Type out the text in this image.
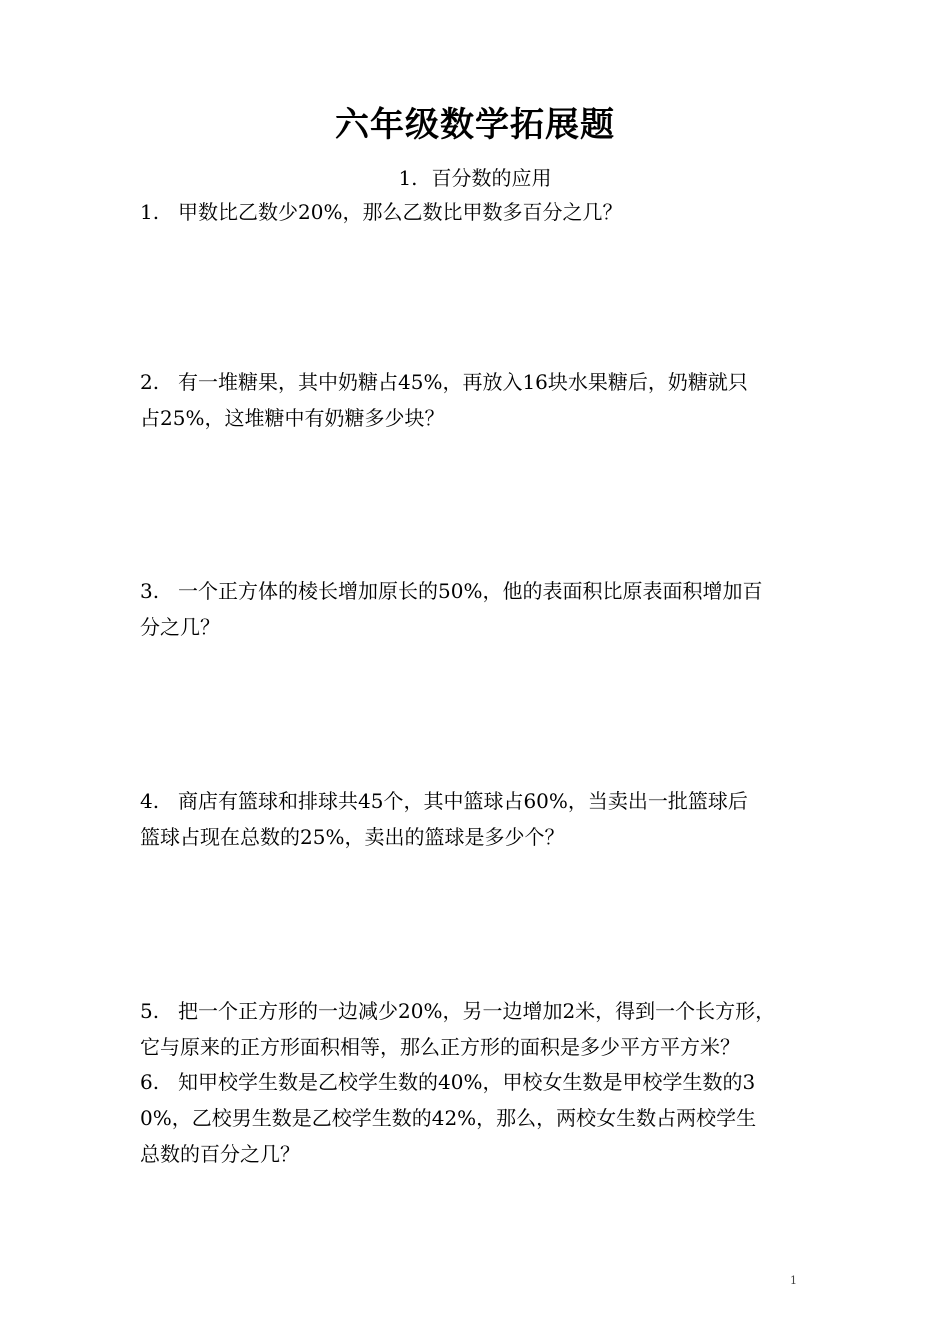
六年级数学拓展题
1. 百分数的应用
1. 甲数比乙数少20%，那么乙数比甲数多百分之几？
2. 有一堆糖果，其中奶糖占45%，再放入16块水果糖后，奶糖就只
占25%，这堆糖中有奶糖多少块？
3. 一个正方体的棱长增加原长的50%，他的表面积比原表面积增加百
分之几？
4. 商店有篮球和排球共45个，其中篮球占60%，当卖出一批篮球后
篮球占现在总数的25%，卖出的篮球是多少个？
5. 把一个正方形的一边减少20%，另一边增加2米，得到一个长方形，
它与原来的正方形面积相等，那么正方形的面积是多少平方平方米？
6. 知甲校学生数是乙校学生数的40%，甲校女生数是甲校学生数的3
0%，乙校男生数是乙校学生数的42%，那么，两校女生数占两校学生
总数的百分之几？
1
